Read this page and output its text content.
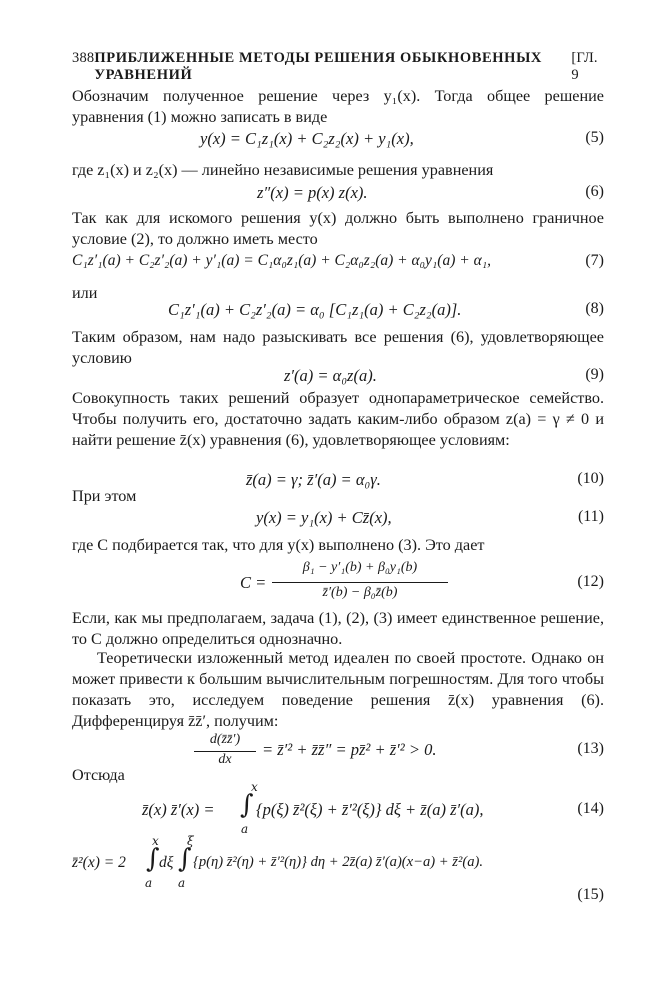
388 ПРИБЛИЖЕННЫЕ МЕТОДЫ РЕШЕНИЯ ОБЫКНОВЕННЫХ УРАВНЕНИЙ
[ГЛ. 9
Обозначим полученное решение через y₁(x). Тогда общее решение уравнения (1) можно записать в виде
y(x) = C₁z₁(x) + C₂z₂(x) + y₁(x),	(5)
где z₁(x) и z₂(x) — линейно независимые решения уравнения
z″(x) = p(x) z(x).	(6)
Так как для искомого решения y(x) должно быть выполнено граничное условие (2), то должно иметь место
C₁z′₁(a) + C₂z′₂(a) + y′₁(a) = C₁α₀z₁(a) + C₂α₀z₂(a) + α₀y₁(a) + α₁,	(7)
или
C₁z′₁(a) + C₂z′₂(a) = α₀ [C₁z₁(a) + C₂z₂(a)].	(8)
Таким образом, нам надо разыскивать все решения (6), удовлетворяющее условию
z′(a) = α₀z(a).	(9)
Совокупность таких решений образует однопараметрическое семейство. Чтобы получить его, достаточно задать каким-либо образом z(a) = γ ≠ 0 и найти решение z̄(x) уравнения (6), удовлетворяющее условиям:
z̄(a) = γ; z̄′(a) = α₀γ.	(10)
При этом
y(x) = y₁(x) + Cz̄(x),	(11)
где C подбирается так, что для y(x) выполнено (3). Это дает
C =
β₁ − y′₁(b) + β₀y₁(b)
z̄′(b) − β₀z̄(b)
(12)
Если, как мы предполагаем, задача (1), (2), (3) имеет единственное решение, то C должно определиться однозначно.
Теоретически изложенный метод идеален по своей простоте. Однако он может привести к большим вычислительным погрешностям. Для того чтобы показать это, исследуем поведение решения z̄(x) уравнения (6). Дифференцируя z̄z̄′, получим:
d(z̄z̄′)
dx
= z̄′² + z̄z̄″ = pz̄² + z̄′² > 0.	(13)
Отсюда
z̄(x) z̄′(x) = ∫
x
a
{p(ξ) z̄²(ξ) + z̄′²(ξ)} dξ + z̄(a) z̄′(a),	(14)
z̄²(x) = 2 ∫
x
a
dξ ∫
ξ
a
{p(η) z̄²(η) + z̄′²(η)} dη + 2z̄(a) z̄′(a)(x−a) + z̄²(a).
(15)
